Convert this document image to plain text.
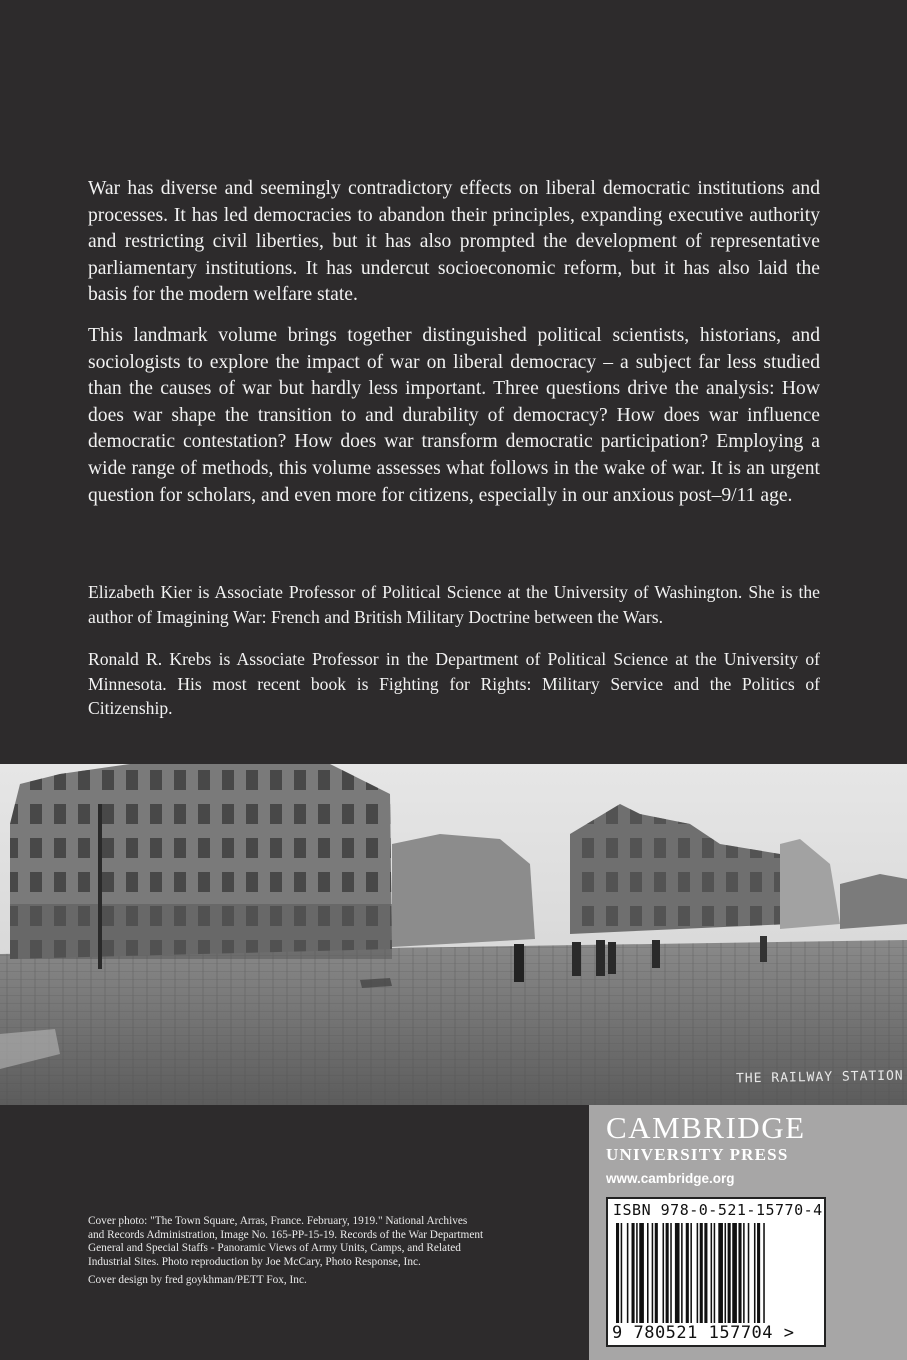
War has diverse and seemingly contradictory effects on liberal democratic institutions and processes. It has led democracies to abandon their principles, expanding executive authority and restricting civil liberties, but it has also prompted the development of representative parliamentary institutions. It has undercut socioeconomic reform, but it has also laid the basis for the modern welfare state.

This landmark volume brings together distinguished political scientists, historians, and sociologists to explore the impact of war on liberal democracy – a subject far less studied than the causes of war but hardly less important. Three questions drive the analysis: How does war shape the transition to and durability of democracy? How does war influence democratic contestation? How does war transform democratic participation? Employing a wide range of methods, this volume assesses what follows in the wake of war. It is an urgent question for scholars, and even more for citizens, especially in our anxious post–9/11 age.

Elizabeth Kier is Associate Professor of Political Science at the University of Washington. She is the author of Imagining War: French and British Military Doctrine between the Wars.

Ronald R. Krebs is Associate Professor in the Department of Political Science at the University of Minnesota. His most recent book is Fighting for Rights: Military Service and the Politics of Citizenship.

THE RAILWAY STATION
CAMBRIDGE
UNIVERSITY PRESS
www.cambridge.org
ISBN 978-0-521-15770-4
9 780521 157704 >

Cover photo: "The Town Square, Arras, France. February, 1919." National Archives and Records Administration, Image No. 165-PP-15-19. Records of the War Department General and Special Staffs - Panoramic Views of Army Units, Camps, and Related Industrial Sites. Photo reproduction by Joe McCary, Photo Response, Inc.

Cover design by fred goykhman/PETT Fox, Inc.
